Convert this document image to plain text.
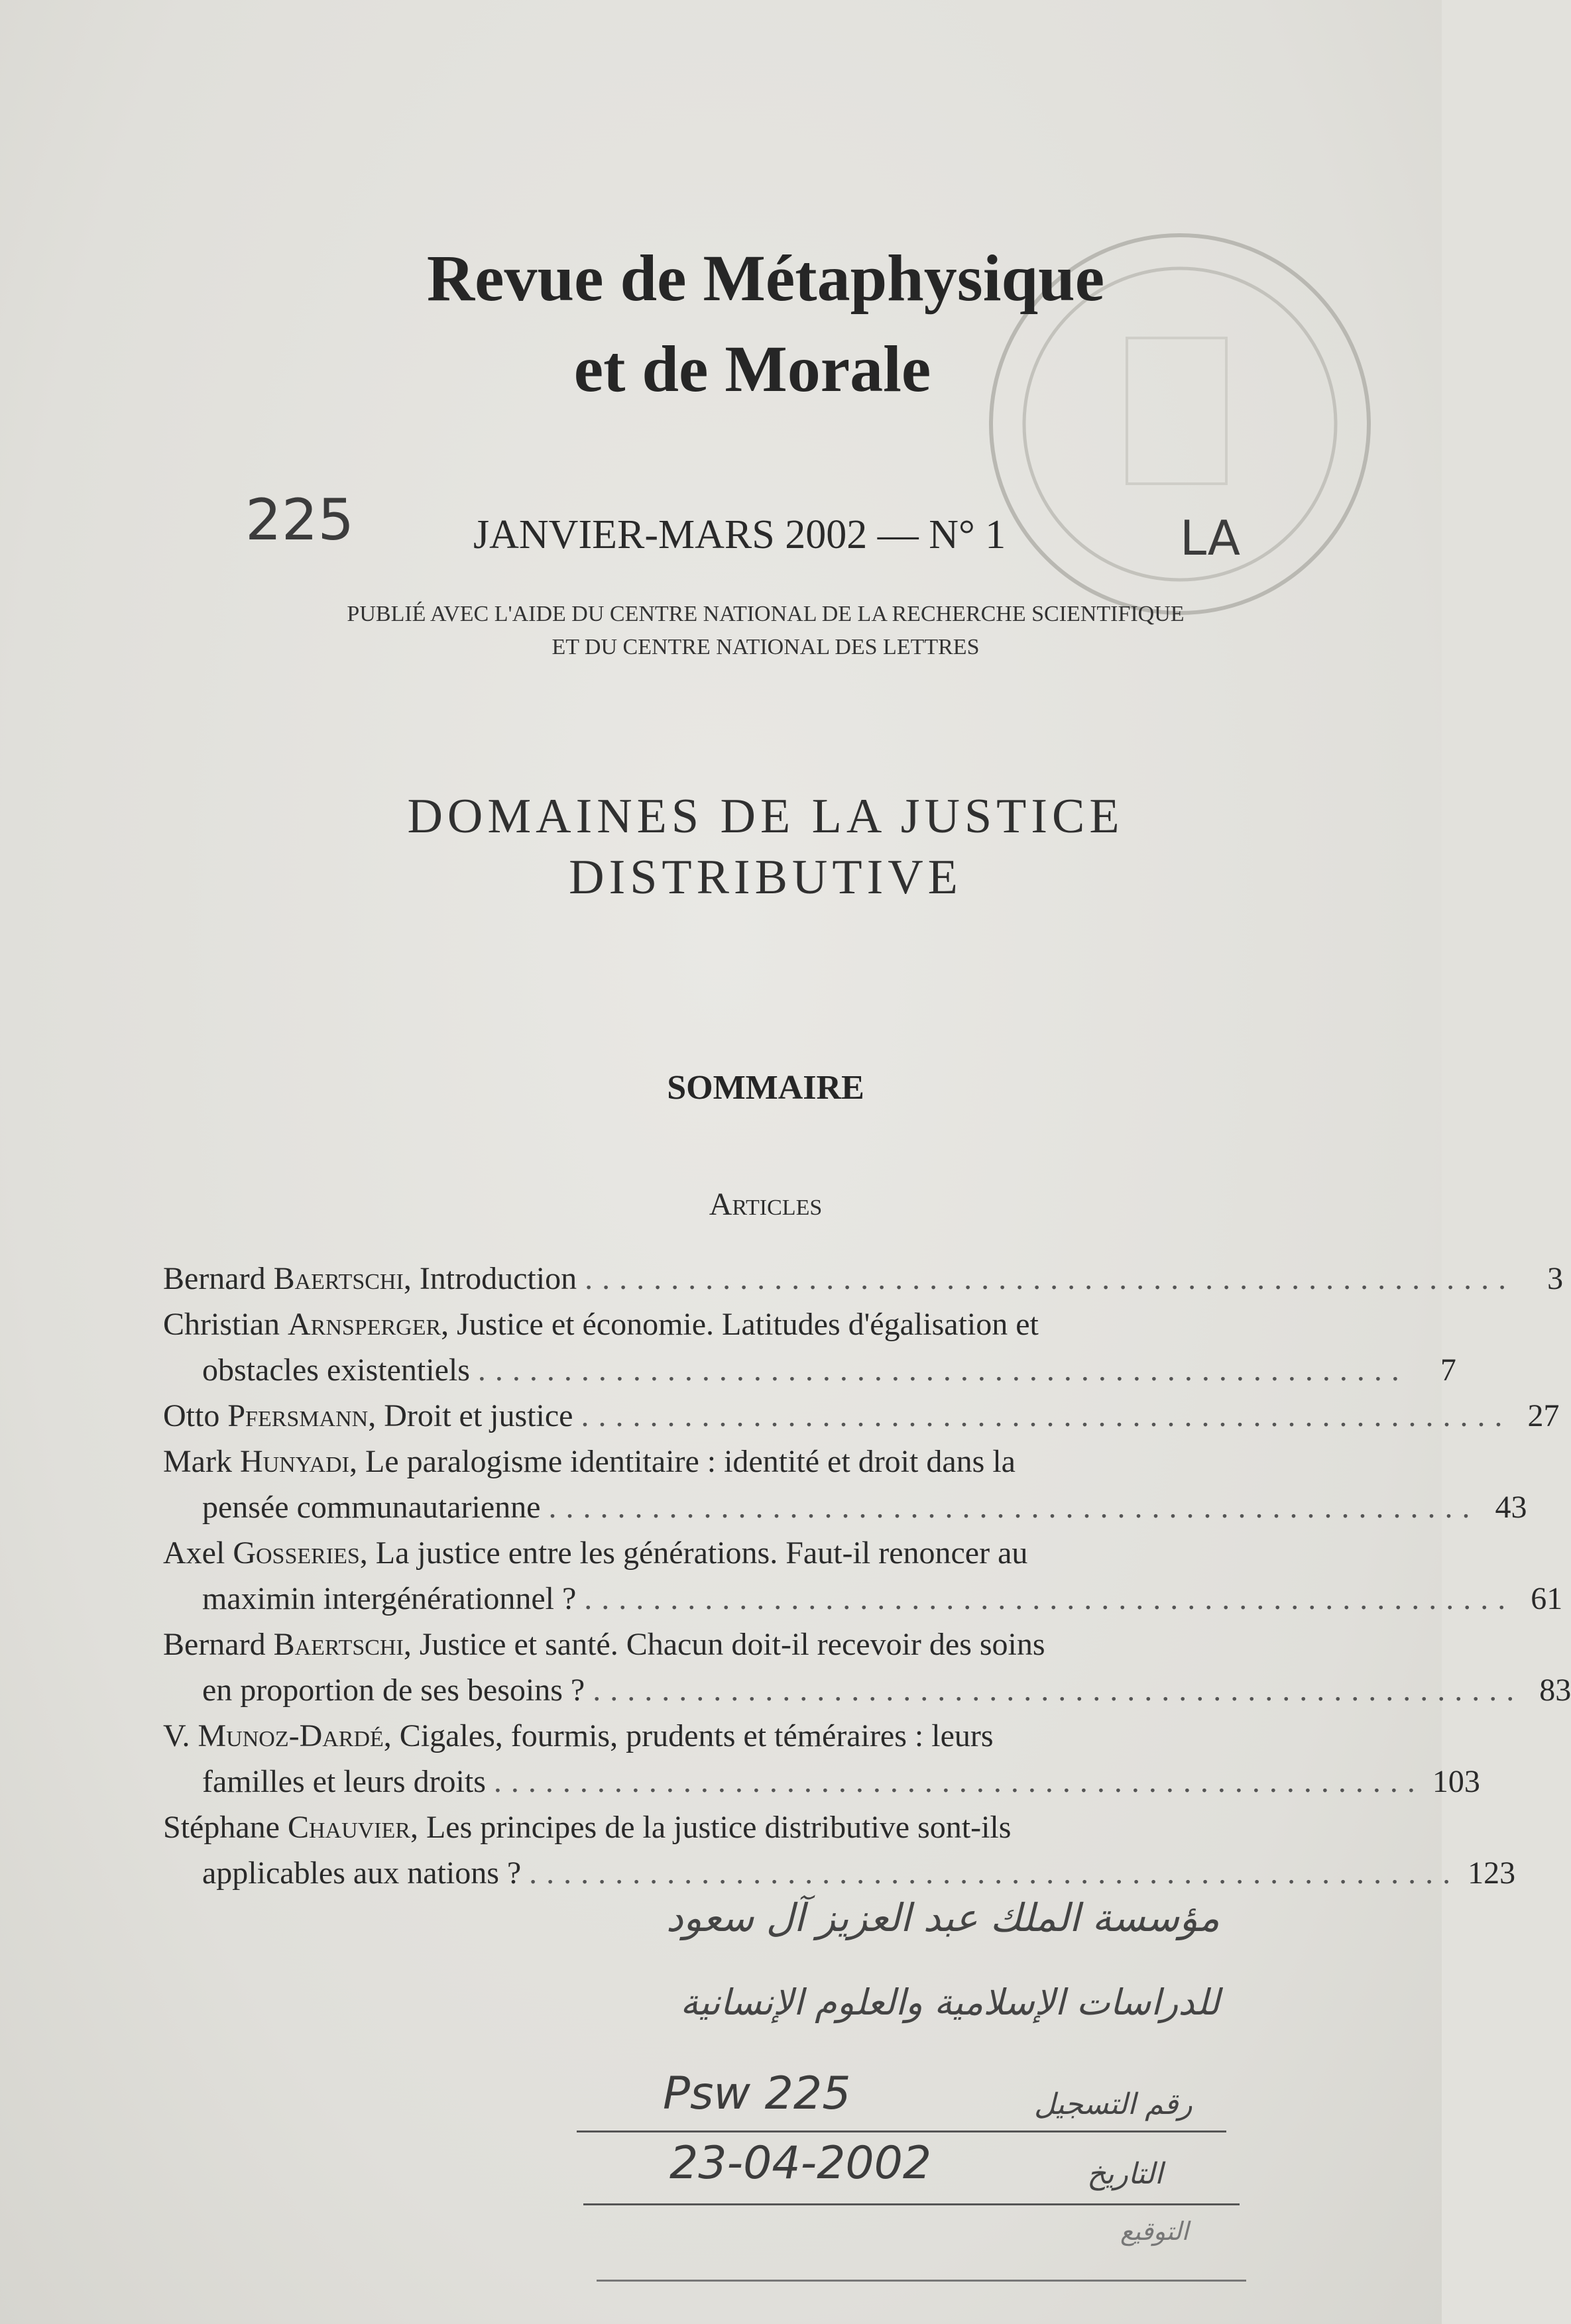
Revue de Métaphysique
et de Morale
225	JANVIER-MARS 2002 — N° 1	LA
PUBLIÉ AVEC L'AIDE DU CENTRE NATIONAL DE LA RECHERCHE SCIENTIFIQUE
ET DU CENTRE NATIONAL DES LETTRES
DOMAINES DE LA JUSTICE
DISTRIBUTIVE
SOMMAIRE
Articles
Bernard Baertschi, Introduction ......................................................	3
Christian Arnsperger, Justice et économie. Latitudes d'égalisation et
obstacles existentiels ......................................................	7
Otto Pfersmann, Droit et justice ...................................................... 27
Mark Hunyadi, Le paralogisme identitaire : identité et droit dans la
pensée communautarienne ...................................................... 43
Axel Gosseries, La justice entre les générations. Faut-il renoncer au
maximin intergénérationnel ? ...................................................... 61
Bernard Baertschi, Justice et santé. Chacun doit-il recevoir des soins
en proportion de ses besoins ? ...................................................... 83
V. Munoz-Dardé, Cigales, fourmis, prudents et téméraires : leurs
familles et leurs droits ...................................................... 103
Stéphane Chauvier, Les principes de la justice distributive sont-ils
applicables aux nations ? ...................................................... 123
مؤسسة الملك عبد العزيز آل سعود
للدراسات الإسلامية والعلوم الإنسانية
رقم التسجيل
Psw 225
التاريخ
23-04-2002
التوقيع
